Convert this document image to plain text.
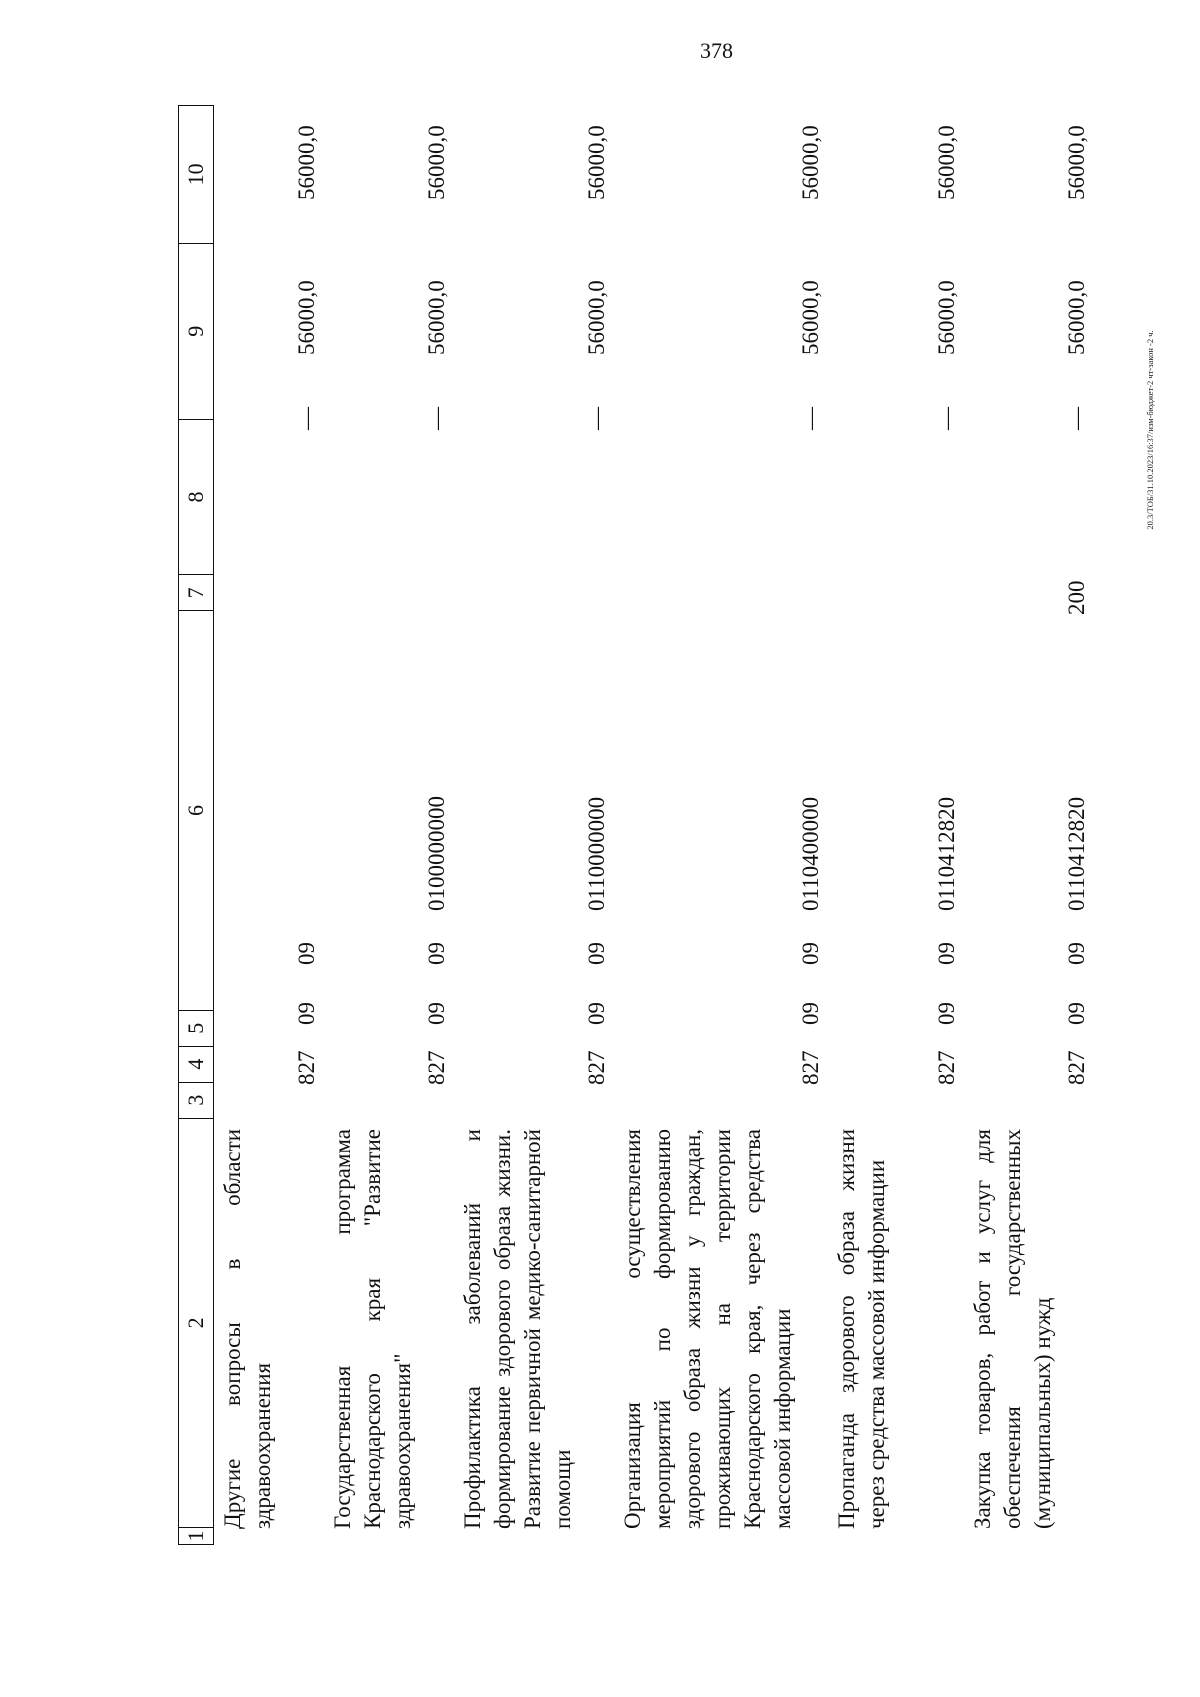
378
20.3/ТОБ/31.10.2023/16:37/изм-бюджет-2 чт-закон -2 ч.
1
2
3
4
5
6
7
8
9
10
Другие вопросы в области здравоохранения
827
09
09
—
56000,0
56000,0
Государственная программа Краснодарского края "Развитие здравоохранения"
827
09
09
0100000000
—
56000,0
56000,0
Профилактика заболеваний и формирование здорового образа жизни. Развитие первичной медико-санитарной помощи
827
09
09
0110000000
—
56000,0
56000,0
Организация осуществления мероприятий по формированию здорового образа жизни у граждан, проживающих на территории Краснодарского края, через средства массовой информации
827
09
09
0110400000
—
56000,0
56000,0
Пропаганда здорового образа жизни через средства массовой информации
827
09
09
0110412820
—
56000,0
56000,0
Закупка товаров, работ и услуг для обеспечения государственных (муниципальных) нужд
827
09
09
0110412820
200
—
56000,0
56000,0
